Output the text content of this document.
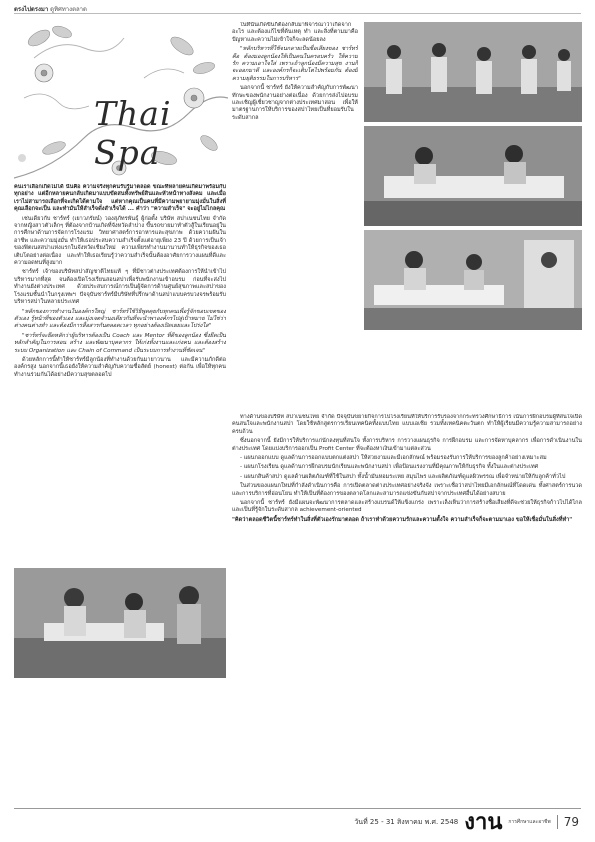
ตรงไปตรงมา ดูทิศทางตลาด
Thai Spa

คนเราเลือกเกิดไม่ได้ นั่นคือ ความจริงทุกคนรับรู้มาตลอด ขณะที่หลายคนเกิดมาพร้อมกับทุกอย่าง แต่อีกหลายคนกลับเกิดมาแบบขัดสนทั้งทรัพย์สินและหัวหน้าทางสังคม และเมื่อเราไม่สามารถเลือกที่จะเกิดได้ตามใจ แต่หากคุณเป็นคนที่มีความพยายามมุ่งมั่นในสิ่งที่คุณเลือกจะเป็น และทำมันให้สำเร็จดั่งสำเร็จได้ ... คำว่า "ความสำเร็จ" จะอยู่ไม่ไกลคุณ

เช่นเดียวกับ ชาร์ทร์ (เยาวภรัยน์) วองสุภัทรพันธุ์ ผู้ก่อตั้ง บริษัท สปาเนชนไทย จำกัด จากหญิงสาวตัวเล็กๆ ที่ต้องจากบ้านเกิดที่จังหวัดลำปาง ขึ้นรถขายมาทำตัวสู้ในเรียนอยู่ในการศึกษาด้านการจัดการโรงแรม วิทยาศาสตร์การอาหารและสุขภาพ ด้วยความฝันในอาชีพ และความมุ่งมั่น ทำให้เธอประสบความสำเร็จตั้งแต่อายุเพียง 23 ปี ด้วยการเป็นเจ้าของฟิตเนสสปาแห่งแรกในจังหวัดเชียงใหม่ ความเพียรทำงานมานานทำให้ธุรกิจของเธอเติบโตอย่างต่อเนื่อง และทำให้เธอเรียนรู้ว่าความสำเร็จนั้นต้องอาศัยการวางแผนที่ดีและความอดทนที่สูงมาก

ชาร์ทร์ เจ้าของบริษัทสปาสัญชาติไทยแท้ ๆ ที่มีชาวต่างประเทศต้องการให้นำเข้าไปบริหารมากที่สุด จนต้องเปิดโรงเรียนสอนสปาเพื่อรับพนักงานเข้าอบรม ก่อนที่จะส่งไปทำงานยังต่างประเทศ ด้วยประสบการณ์การเป็นผู้จัดการด้านศูนย์สุขภาพและสปาของโรงแรมชั้นนำในกรุงเทพฯ ปัจจุบันชาร์ทร์มีบริษัทที่ปรึกษาด้านสปาแบบครบวงจรพร้อมรับบริหารสปาในหลายประเทศ

"หลักของการทำงานในองค์กรใหญ่ ชาร์ทร์ใช้วิธีพูดคุยกับทุกคนเพื่อรู้จักขอบเขตของตัวเอง รู้หน้าที่ของตัวเอง และมุ่งเจตจำนงเดียวกันที่จะนำพาองค์กรไปสู่เป้าหมาย ไม่ใช่ว่าต่างคนต่างทำ และต้องมีการสื่อสารกันตลอดเวลา ทุกอย่างต้องเปิดเผยและโปร่งใส"

"ชาร์ทร์จะยึดหลักว่าผู้บริหารต้องเป็น Coach และ Mentor ที่ดีของลูกน้อง ซึ่งยึดเป็นหลักสำคัญในการสอน สร้าง และพัฒนาบุคลากร ให้เก่งทั้งงานและเก่งคน และต้องสร้างระบบ Organization และ Chain of Command เป็นระบบการทำงานที่ชัดเจน"

ด้วยหลักการนี้ทำให้ชาร์ทร์มีลูกน้องที่ทำงานด้วยกันมายาวนาน และมีความภักดีต่อองค์กรสูง นอกจากนี้เธอยังให้ความสำคัญกับความซื่อสัตย์ (honest) ต่อกัน เพื่อให้ทุกคนทำงานร่วมกันได้อย่างมีความสุขตลอดไป

ในที่นั้นเกิดขึ้นก็ต้องกลับมาพิจารณาว่าเกิดจากอะไร และต้องแก้ไขที่ต้นเหตุ ทำ และสิ่งที่ตามมาคือ ปัญหาและความไม่เข้าใจก็จะลดน้อยลง

"หลักบริหารที่ใช้จนกลายเป็นชื่อเสียงของ ชาร์ทร์ คือ ต้องมองลูกน้องให้เป็นคนในครอบครัว ให้ความรัก ความเอาใจใส่ เพราะถ้าลูกน้องมีความสุข งานก็จะออกมาดี และองค์กรก็จะเติบโตไปพร้อมกัน ต้องมีความยุติธรรมในการบริหาร"

นอกจากนี้ ชาร์ทร์ ยังให้ความสำคัญกับการพัฒนาทักษะของพนักงานอย่างต่อเนื่อง ด้วยการส่งไปอบรม และเชิญผู้เชี่ยวชาญจากต่างประเทศมาสอน เพื่อให้มาตรฐานการให้บริการของสปาไทยเป็นที่ยอมรับในระดับสากล

ทางด้านของบริษัท สปาเนชนไทย จำกัด ปัจจุบันขยายกิจการไปโรงเรียนที่ให้บริการรับรองจากกระทรวงศึกษาธิการ เน้นการฝึกอบรมผู้ที่สนใจเปิดคนสนใจและพนักงานสปา โดยใช้หลักสูตรการเรียนเทคนิคทั้งแบบไทย แบบเอเชีย รวมทั้งเทคนิคตะวันตก ทำให้ผู้เรียนมีความรู้ความสามารถอย่างครบถ้วน

ซึ่งนอกจากนี้ ยังมีการให้บริการแก่นักลงทุนที่สนใจ ทั้งการบริหาร การวางแผนธุรกิจ การฝึกอบรม และการจัดหาบุคลากร เพื่อการดำเนินงานในต่างประเทศ โดยแบ่งบริการออกเป็น Profit Center ที่จะต้องหาเงินเข้ามาแต่ละส่วน

- แผนกออกแบบ ดูแลด้านการออกแบบตกแต่งสปา ให้สวยงามและมีเอกลักษณ์ พร้อมรองรับการให้บริการของลูกค้าอย่างเหมาะสม

- แผนกโรงเรียน ดูแลด้านการฝึกอบรมนักเรียนและพนักงานสปา เพื่อป้อนแรงงานที่มีคุณภาพให้กับธุรกิจ ทั้งในและต่างประเทศ

- แผนกสินค้าสปา ดูแลด้านผลิตภัณฑ์ที่ใช้ในสปา ทั้งน้ำมันหอมระเหย สมุนไพร และผลิตภัณฑ์ดูแลผิวพรรณ เพื่อจำหน่ายให้กับลูกค้าทั่วไป

ในส่วนของแผนกใหม่ที่กำลังดำเนินการคือ การเปิดตลาดต่างประเทศอย่างจริงจัง เพราะเชื่อว่าสปาไทยมีเอกลักษณ์ที่โดดเด่น ทั้งศาสตร์การนวด และการบริการที่อ่อนโยน ทำให้เป็นที่ต้องการของตลาดโลกและสามารถแข่งขันกับสปาจากประเทศอื่นได้อย่างสบาย

นอกจากนี้ ชาร์ทร์ ยังมีแผนจะพัฒนาการตลาดและสร้างแบรนด์ให้แข็งแกร่ง เพราะเล็งเห็นว่าการสร้างชื่อเสียงที่ดีจะช่วยให้ธุรกิจก้าวไปได้ไกล และเป็นที่รู้จักในระดับสากล achievement-oriented

"คิดว่าตลอดชีวิตนี้ชาร์ทร์ทำในสิ่งที่ตัวเองรักมาตลอด ถ้าเราทำด้วยความรักและความตั้งใจ ความสำเร็จก็จะตามมาเอง ขอให้เชื่อมั่นในสิ่งที่ทำ"

วันที่ 25 - 31 สิงหาคม พ.ศ. 2548 งาน การศึกษาและอาชีพ	79
